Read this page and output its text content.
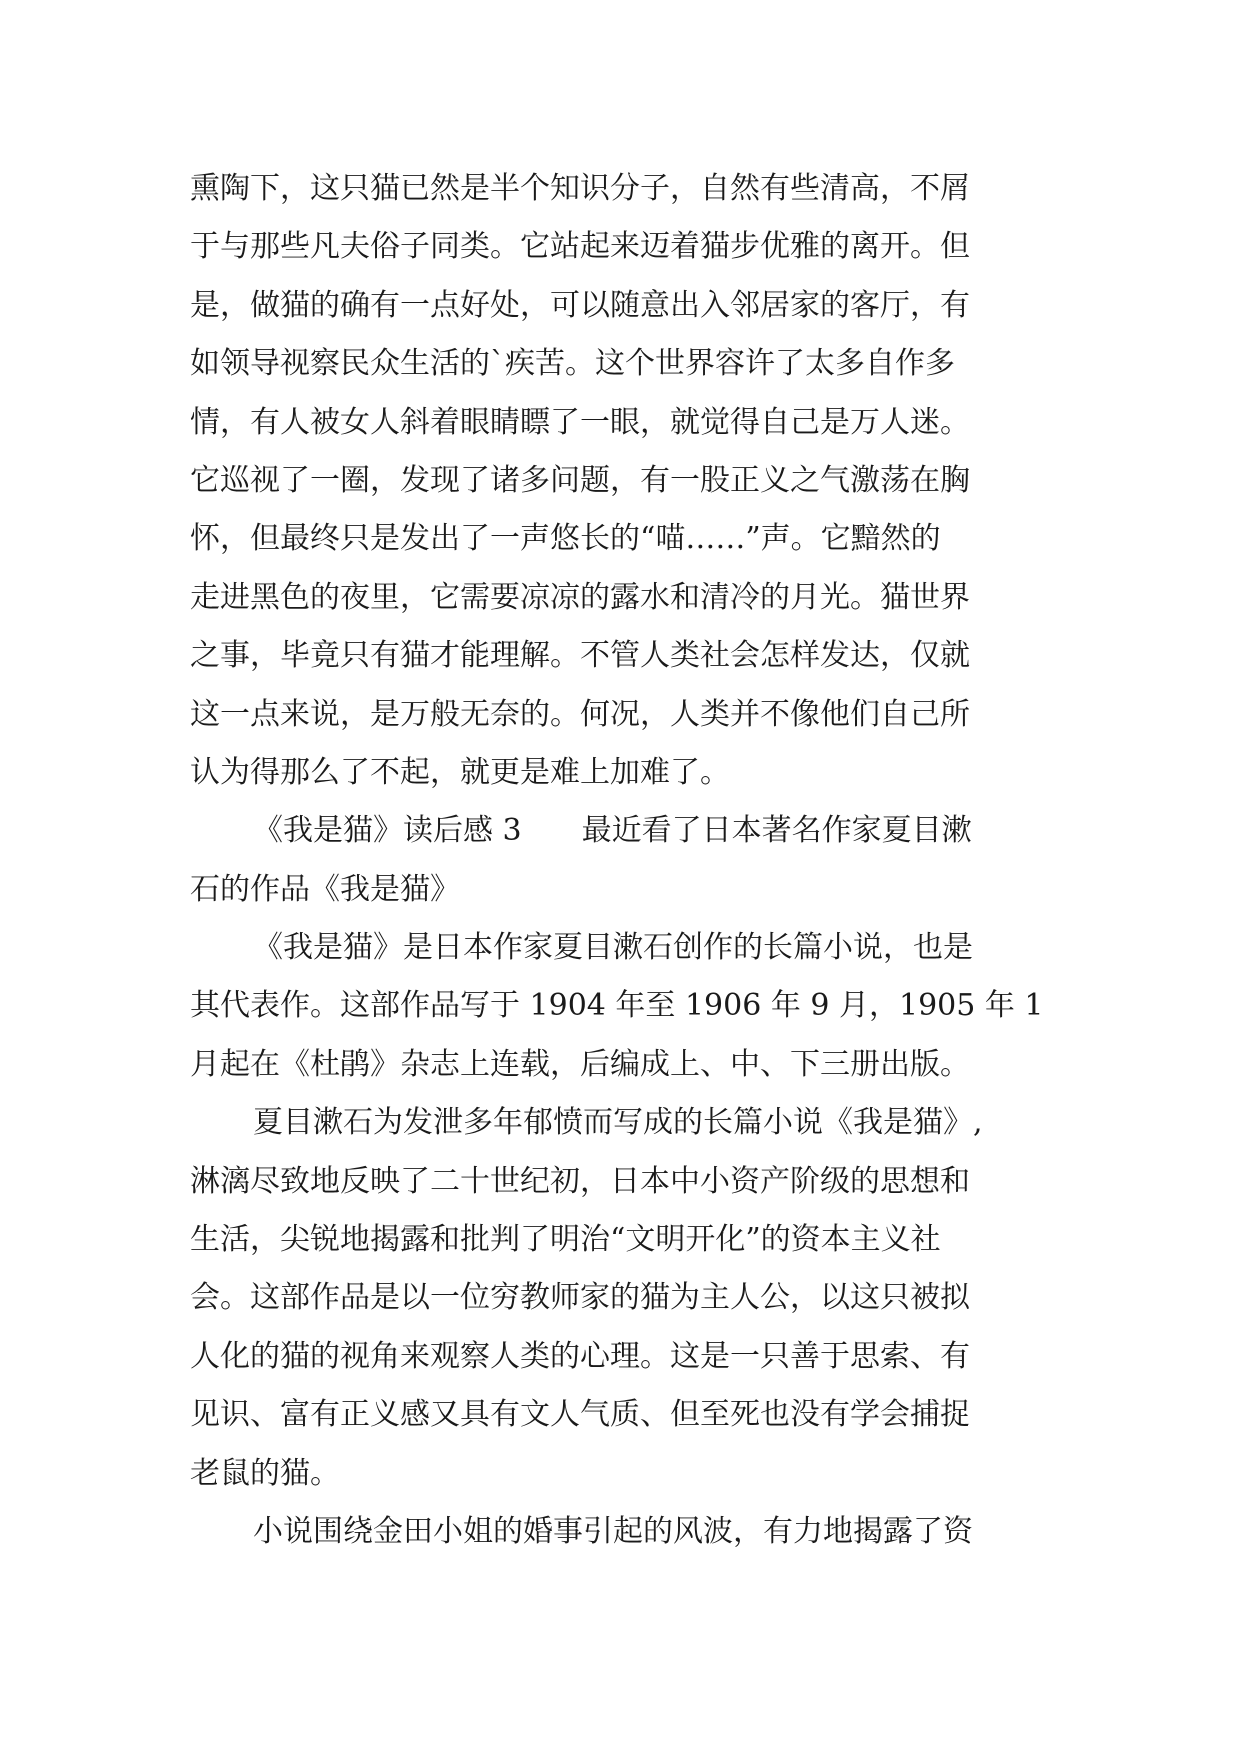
熏陶下，这只猫已然是半个知识分子，自然有些清高，不屑
于与那些凡夫俗子同类。它站起来迈着猫步优雅的离开。但
是，做猫的确有一点好处，可以随意出入邻居家的客厅，有
如领导视察民众生活的`疾苦。这个世界容许了太多自作多
情，有人被女人斜着眼睛瞟了一眼，就觉得自己是万人迷。
它巡视了一圈，发现了诸多问题，有一股正义之气激荡在胸
怀，但最终只是发出了一声悠长的“喵……”声。它黯然的
走进黑色的夜里，它需要凉凉的露水和清冷的月光。猫世界
之事，毕竟只有猫才能理解。不管人类社会怎样发达，仅就
这一点来说，是万般无奈的。何况，人类并不像他们自己所
认为得那么了不起，就更是难上加难了。
《我是猫》读后感 3 最近看了日本著名作家夏目漱
石的作品《我是猫》
《我是猫》是日本作家夏目漱石创作的长篇小说，也是
其代表作。这部作品写于 1904 年至 1906 年 9 月，1905 年 1
月起在《杜鹃》杂志上连载，后编成上、中、下三册出版。
夏目漱石为发泄多年郁愤而写成的长篇小说《我是猫》,
淋漓尽致地反映了二十世纪初，日本中小资产阶级的思想和
生活，尖锐地揭露和批判了明治“文明开化”的资本主义社
会。这部作品是以一位穷教师家的猫为主人公，以这只被拟
人化的猫的视角来观察人类的心理。这是一只善于思索、有
见识、富有正义感又具有文人气质、但至死也没有学会捕捉
老鼠的猫。
小说围绕金田小姐的婚事引起的风波，有力地揭露了资
